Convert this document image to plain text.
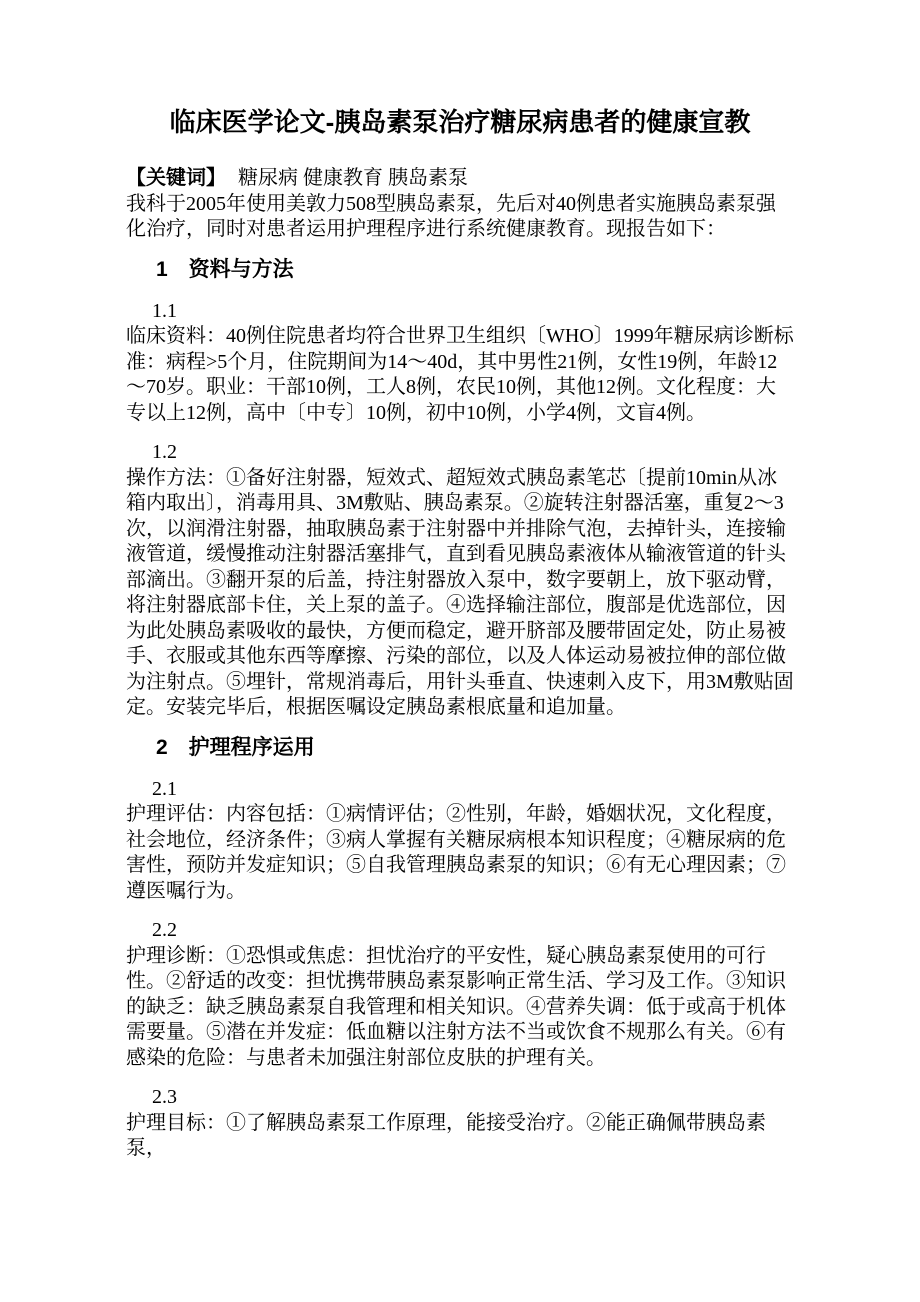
临床医学论文-胰岛素泵治疗糖尿病患者的健康宣教
【关键词】 糖尿病 健康教育 胰岛素泵

我科于2005年使用美敦力508型胰岛素泵，先后对40例患者实施胰岛素泵强化治疗，同时对患者运用护理程序进行系统健康教育。现报告如下：

1　资料与方法

1.1

临床资料：40例住院患者均符合世界卫生组织〔WHO〕1999年糖尿病诊断标准：病程>5个月，住院期间为14～40d，其中男性21例，女性19例，年龄12～70岁。职业：干部10例，工人8例，农民10例，其他12例。文化程度：大专以上12例，高中〔中专〕10例，初中10例，小学4例，文盲4例。

1.2

操作方法：①备好注射器，短效式、超短效式胰岛素笔芯〔提前10min从冰箱内取出〕，消毒用具、3M敷贴、胰岛素泵。②旋转注射器活塞，重复2～3次，以润滑注射器，抽取胰岛素于注射器中并排除气泡，去掉针头，连接输液管道，缓慢推动注射器活塞排气，直到看见胰岛素液体从输液管道的针头部滴出。③翻开泵的后盖，持注射器放入泵中，数字要朝上，放下驱动臂，将注射器底部卡住，关上泵的盖子。④选择输注部位，腹部是优选部位，因为此处胰岛素吸收的最快，方便而稳定，避开脐部及腰带固定处，防止易被手、衣服或其他东西等摩擦、污染的部位，以及人体运动易被拉伸的部位做为注射点。⑤埋针，常规消毒后，用针头垂直、快速刺入皮下，用3M敷贴固定。安装完毕后，根据医嘱设定胰岛素根底量和追加量。

2　护理程序运用

2.1

护理评估：内容包括：①病情评估；②性别，年龄，婚姻状况，文化程度，社会地位，经济条件；③病人掌握有关糖尿病根本知识程度；④糖尿病的危害性，预防并发症知识；⑤自我管理胰岛素泵的知识；⑥有无心理因素；⑦遵医嘱行为。

2.2

护理诊断：①恐惧或焦虑：担忧治疗的平安性，疑心胰岛素泵使用的可行性。②舒适的改变：担忧携带胰岛素泵影响正常生活、学习及工作。③知识的缺乏：缺乏胰岛素泵自我管理和相关知识。④营养失调：低于或高于机体需要量。⑤潜在并发症：低血糖以注射方法不当或饮食不规那么有关。⑥有感染的危险：与患者未加强注射部位皮肤的护理有关。

2.3

护理目标：①了解胰岛素泵工作原理，能接受治疗。②能正确佩带胰岛素泵，
